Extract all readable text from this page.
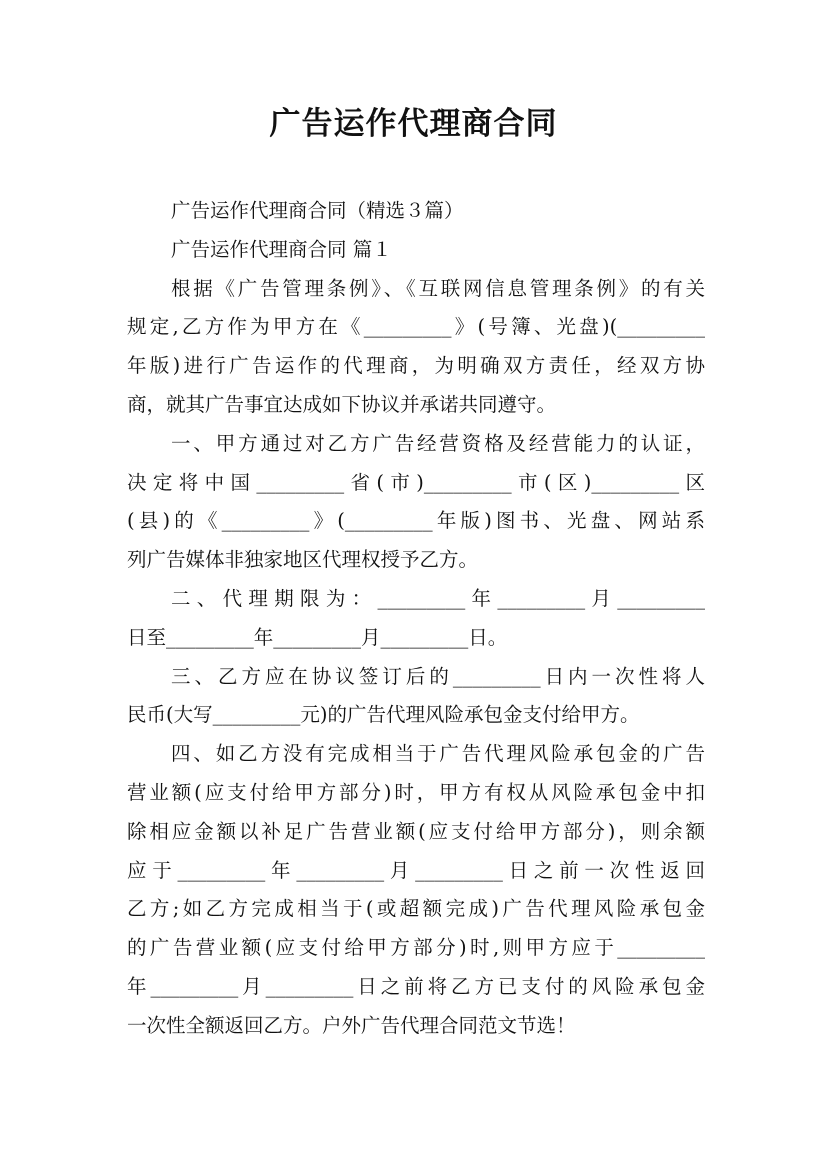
广告运作代理商合同
广告运作代理商合同（精选３篇）
广告运作代理商合同 篇１
根据《广告管理条例》、《互联网信息管理条例》的有关
规定,乙方作为甲方在《_________》(号簿、光盘)(_________
年版)进行广告运作的代理商，为明确双方责任，经双方协
商，就其广告事宜达成如下协议并承诺共同遵守。
一、甲方通过对乙方广告经营资格及经营能力的认证，
决定将中国_________省(市)_________市(区)_________区
(县)的《_________》(_________年版)图书、光盘、网站系
列广告媒体非独家地区代理权授予乙方。
二、代理期限为：_________年_________月_________
日至_________年_________月_________日。
三、乙方应在协议签订后的_________日内一次性将人
民币(大写_________元)的广告代理风险承包金支付给甲方。
四、如乙方没有完成相当于广告代理风险承包金的广告
营业额(应支付给甲方部分)时，甲方有权从风险承包金中扣
除相应金额以补足广告营业额(应支付给甲方部分)，则余额
应于_________年_________月_________日之前一次性返回
乙方;如乙方完成相当于(或超额完成)广告代理风险承包金
的广告营业额(应支付给甲方部分)时,则甲方应于_________
年_________月_________日之前将乙方已支付的风险承包金
一次性全额返回乙方。户外广告代理合同范文节选！
